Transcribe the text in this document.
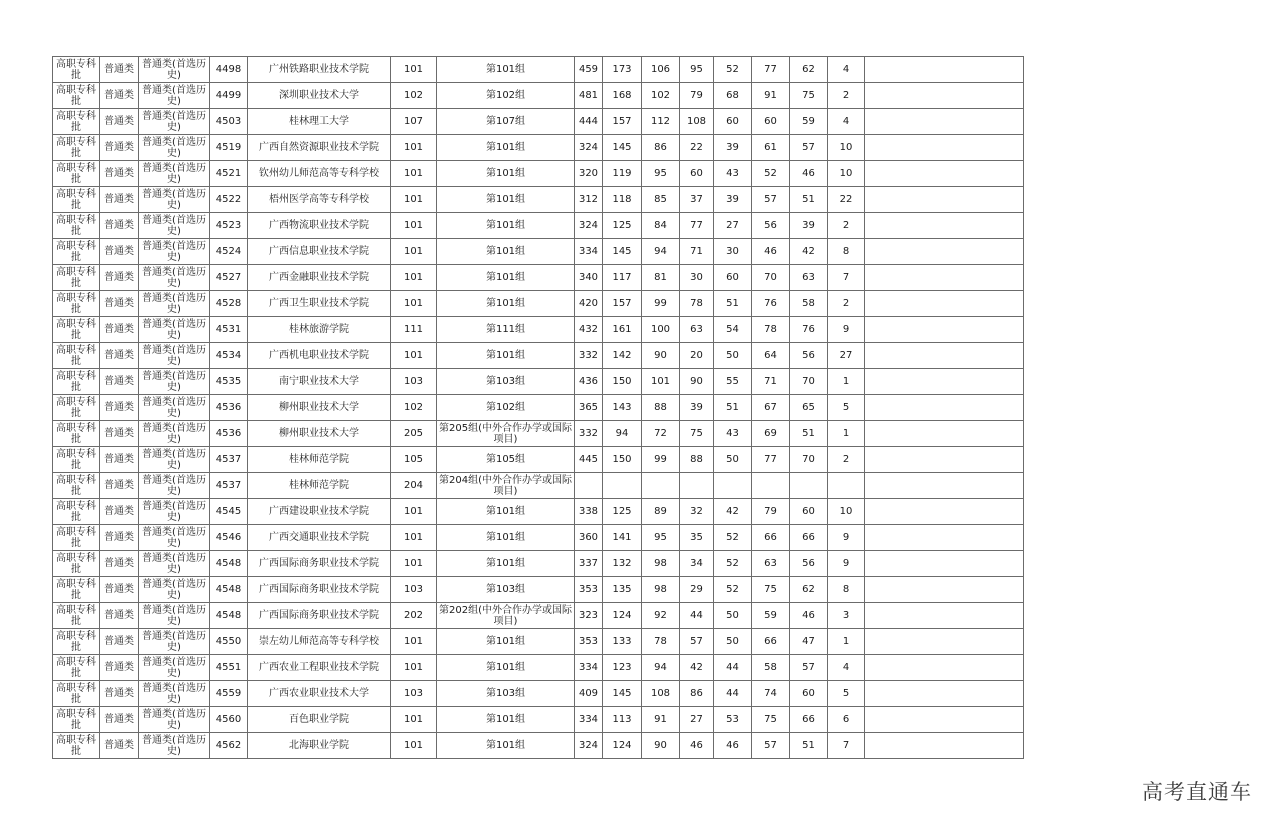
高职专科批	普通类	普通类(首选历史)	4498	广州铁路职业技术学院	101	第101组	459	173	106	95	52	77	62	4	
高职专科批	普通类	普通类(首选历史)	4499	深圳职业技术大学	102	第102组	481	168	102	79	68	91	75	2	
高职专科批	普通类	普通类(首选历史)	4503	桂林理工大学	107	第107组	444	157	112	108	60	60	59	4	
高职专科批	普通类	普通类(首选历史)	4519	广西自然资源职业技术学院	101	第101组	324	145	86	22	39	61	57	10	
高职专科批	普通类	普通类(首选历史)	4521	钦州幼儿师范高等专科学校	101	第101组	320	119	95	60	43	52	46	10	
高职专科批	普通类	普通类(首选历史)	4522	梧州医学高等专科学校	101	第101组	312	118	85	37	39	57	51	22	
高职专科批	普通类	普通类(首选历史)	4523	广西物流职业技术学院	101	第101组	324	125	84	77	27	56	39	2	
高职专科批	普通类	普通类(首选历史)	4524	广西信息职业技术学院	101	第101组	334	145	94	71	30	46	42	8	
高职专科批	普通类	普通类(首选历史)	4527	广西金融职业技术学院	101	第101组	340	117	81	30	60	70	63	7	
高职专科批	普通类	普通类(首选历史)	4528	广西卫生职业技术学院	101	第101组	420	157	99	78	51	76	58	2	
高职专科批	普通类	普通类(首选历史)	4531	桂林旅游学院	111	第111组	432	161	100	63	54	78	76	9	
高职专科批	普通类	普通类(首选历史)	4534	广西机电职业技术学院	101	第101组	332	142	90	20	50	64	56	27	
高职专科批	普通类	普通类(首选历史)	4535	南宁职业技术大学	103	第103组	436	150	101	90	55	71	70	1	
高职专科批	普通类	普通类(首选历史)	4536	柳州职业技术大学	102	第102组	365	143	88	39	51	67	65	5	
高职专科批	普通类	普通类(首选历史)	4536	柳州职业技术大学	205	第205组(中外合作办学或国际项目)	332	94	72	75	43	69	51	1	
高职专科批	普通类	普通类(首选历史)	4537	桂林师范学院	105	第105组	445	150	99	88	50	77	70	2	
高职专科批	普通类	普通类(首选历史)	4537	桂林师范学院	204	第204组(中外合作办学或国际项目)									
高职专科批	普通类	普通类(首选历史)	4545	广西建设职业技术学院	101	第101组	338	125	89	32	42	79	60	10	
高职专科批	普通类	普通类(首选历史)	4546	广西交通职业技术学院	101	第101组	360	141	95	35	52	66	66	9	
高职专科批	普通类	普通类(首选历史)	4548	广西国际商务职业技术学院	101	第101组	337	132	98	34	52	63	56	9	
高职专科批	普通类	普通类(首选历史)	4548	广西国际商务职业技术学院	103	第103组	353	135	98	29	52	75	62	8	
高职专科批	普通类	普通类(首选历史)	4548	广西国际商务职业技术学院	202	第202组(中外合作办学或国际项目)	323	124	92	44	50	59	46	3	
高职专科批	普通类	普通类(首选历史)	4550	崇左幼儿师范高等专科学校	101	第101组	353	133	78	57	50	66	47	1	
高职专科批	普通类	普通类(首选历史)	4551	广西农业工程职业技术学院	101	第101组	334	123	94	42	44	58	57	4	
高职专科批	普通类	普通类(首选历史)	4559	广西农业职业技术大学	103	第103组	409	145	108	86	44	74	60	5	
高职专科批	普通类	普通类(首选历史)	4560	百色职业学院	101	第101组	334	113	91	27	53	75	66	6	
高职专科批	普通类	普通类(首选历史)	4562	北海职业学院	101	第101组	324	124	90	46	46	57	51	7	
高考直通车
